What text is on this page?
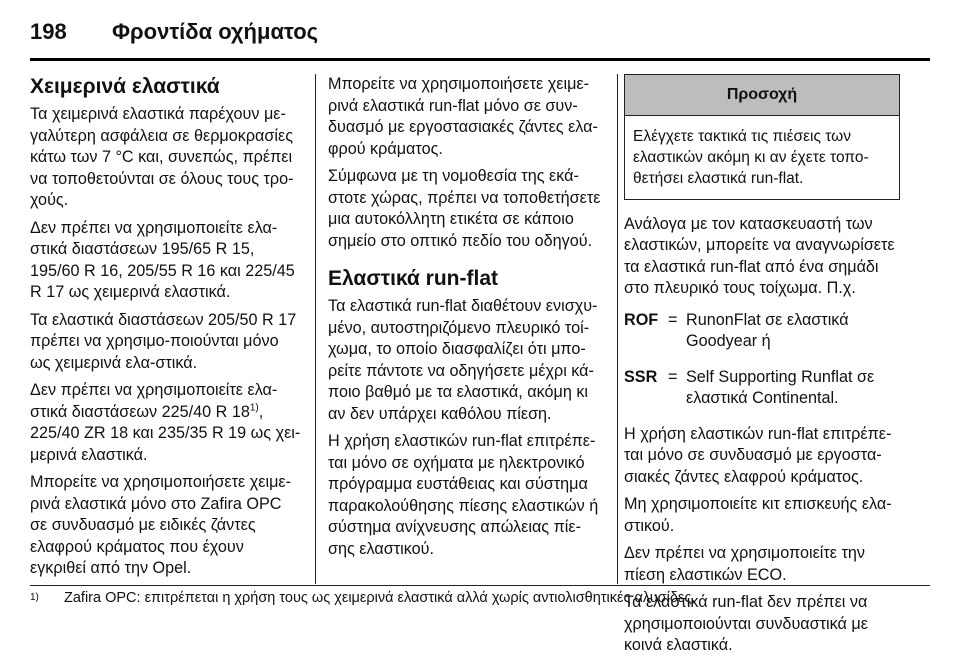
198	Φροντίδα οχήματος
Χειμερινά ελαστικά

Τα χειμερινά ελαστικά παρέχουν με-γαλύτερη ασφάλεια σε θερμοκρασίες κάτω των 7 °C και, συνεπώς, πρέπει να τοποθετούνται σε όλους τους τρο-χούς.

Δεν πρέπει να χρησιμοποιείτε ελα-στικά διαστάσεων 195/65 R 15, 195/60 R 16, 205/55 R 16 και 225/45 R 17 ως χειμερινά ελαστικά.

Τα ελαστικά διαστάσεων 205/50 R 17 πρέπει να χρησιμο-ποιούνται μόνο ως χειμερινά ελα-στικά.

Δεν πρέπει να χρησιμοποιείτε ελα-στικά διαστάσεων 225/40 R 18$^{1)}$, 225/40 ZR 18 και 235/35 R 19 ως χει-μερινά ελαστικά.

Μπορείτε να χρησιμοποιήσετε χειμε-ρινά ελαστικά μόνο στο Zafira OPC σε συνδυασμό με ειδικές ζάντες ελαφρού κράματος που έχουν εγκριθεί από την Opel.

Μπορείτε να χρησιμοποιήσετε χειμε-ρινά ελαστικά run-flat μόνο σε συν-δυασμό με εργοστασιακές ζάντες ελα-φρού κράματος.

Σύμφωνα με τη νομοθεσία της εκά-στοτε χώρας, πρέπει να τοποθετήσετε μια αυτοκόλλητη ετικέτα σε κάποιο σημείο στο οπτικό πεδίο του οδηγού.

Ελαστικά run-flat

Τα ελαστικά run-flat διαθέτουν ενισχυ-μένο, αυτοστηριζόμενο πλευρικό τοί-χωμα, το οποίο διασφαλίζει ότι μπο-ρείτε πάντοτε να οδηγήσετε μέχρι κά-ποιο βαθμό με τα ελαστικά, ακόμη κι αν δεν υπάρχει καθόλου πίεση.

Η χρήση ελαστικών run-flat επιτρέπε-ται μόνο σε οχήματα με ηλεκτρονικό πρόγραμμα ευστάθειας και σύστημα παρακολούθησης πίεσης ελαστικών ή σύστημα ανίχνευσης απώλειας πίε-σης ελαστικού.

Προσοχή
Ελέγχετε τακτικά τις πιέσεις των ελαστικών ακόμη κι αν έχετε τοπο-θετήσει ελαστικά run-flat.

Ανάλογα με τον κατασκευαστή των ελαστικών, μπορείτε να αναγνωρίσετε τα ελαστικά run-flat από ένα σημάδι στο πλευρικό τους τοίχωμα. Π.χ.

ROF = RunonFlat σε ελαστικά Goodyear ή
SSR = Self Supporting Runflat σε ελαστικά Continental.

Η χρήση ελαστικών run-flat επιτρέπε-ται μόνο σε συνδυασμό με εργοστα-σιακές ζάντες ελαφρού κράματος.

Μη χρησιμοποιείτε κιτ επισκευής ελα-στικού.

Δεν πρέπει να χρησιμοποιείτε την πίεση ελαστικών ECO.

Τα ελαστικά run-flat δεν πρέπει να χρησιμοποιούνται συνδυαστικά με κοινά ελαστικά.

1)	Zafira OPC: επιτρέπεται η χρήση τους ως χειμερινά ελαστικά αλλά χωρίς αντιολισθητικές αλυσίδες.
